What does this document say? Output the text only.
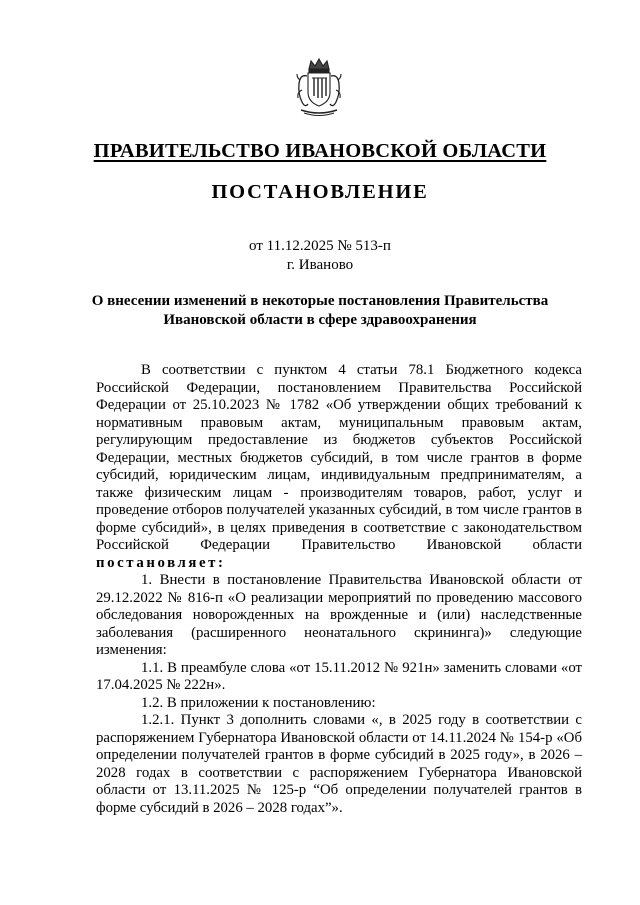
ПРАВИТЕЛЬСТВО ИВАНОВСКОЙ ОБЛАСТИ
ПОСТАНОВЛЕНИЕ
от 11.12.2025 № 513-п
г. Иваново
О внесении изменений в некоторые постановления Правительства
Ивановской области в сфере здравоохранения

В соответствии с пунктом 4 статьи 78.1 Бюджетного кодекса Российской Федерации, постановлением Правительства Российской Федерации от 25.10.2023 № 1782 «Об утверждении общих требований к нормативным правовым актам, муниципальным правовым актам, регулирующим предоставление из бюджетов субъектов Российской Федерации, местных бюджетов субсидий, в том числе грантов в форме субсидий, юридическим лицам, индивидуальным предпринимателям, а также физическим лицам - производителям товаров, работ, услуг и проведение отборов получателей указанных субсидий, в том числе грантов в форме субсидий», в целях приведения в соответствие с законодательством Российской Федерации Правительство Ивановской области постановляет:

1. Внести в постановление Правительства Ивановской области от 29.12.2022 № 816-п «О реализации мероприятий по проведению массового обследования новорожденных на врожденные и (или) наследственные заболевания (расширенного неонатального скрининга)» следующие изменения:

1.1. В преамбуле слова «от 15.11.2012 № 921н» заменить словами «от 17.04.2025 № 222н».

1.2. В приложении к постановлению:

1.2.1. Пункт 3 дополнить словами «, в 2025 году в соответствии с распоряжением Губернатора Ивановской области от 14.11.2024 № 154-р «Об определении получателей грантов в форме субсидий в 2025 году», в 2026 – 2028 годах в соответствии с распоряжением Губернатора Ивановской области от 13.11.2025 № 125-р “Об определении получателей грантов в форме субсидий в 2026 – 2028 годах”».
